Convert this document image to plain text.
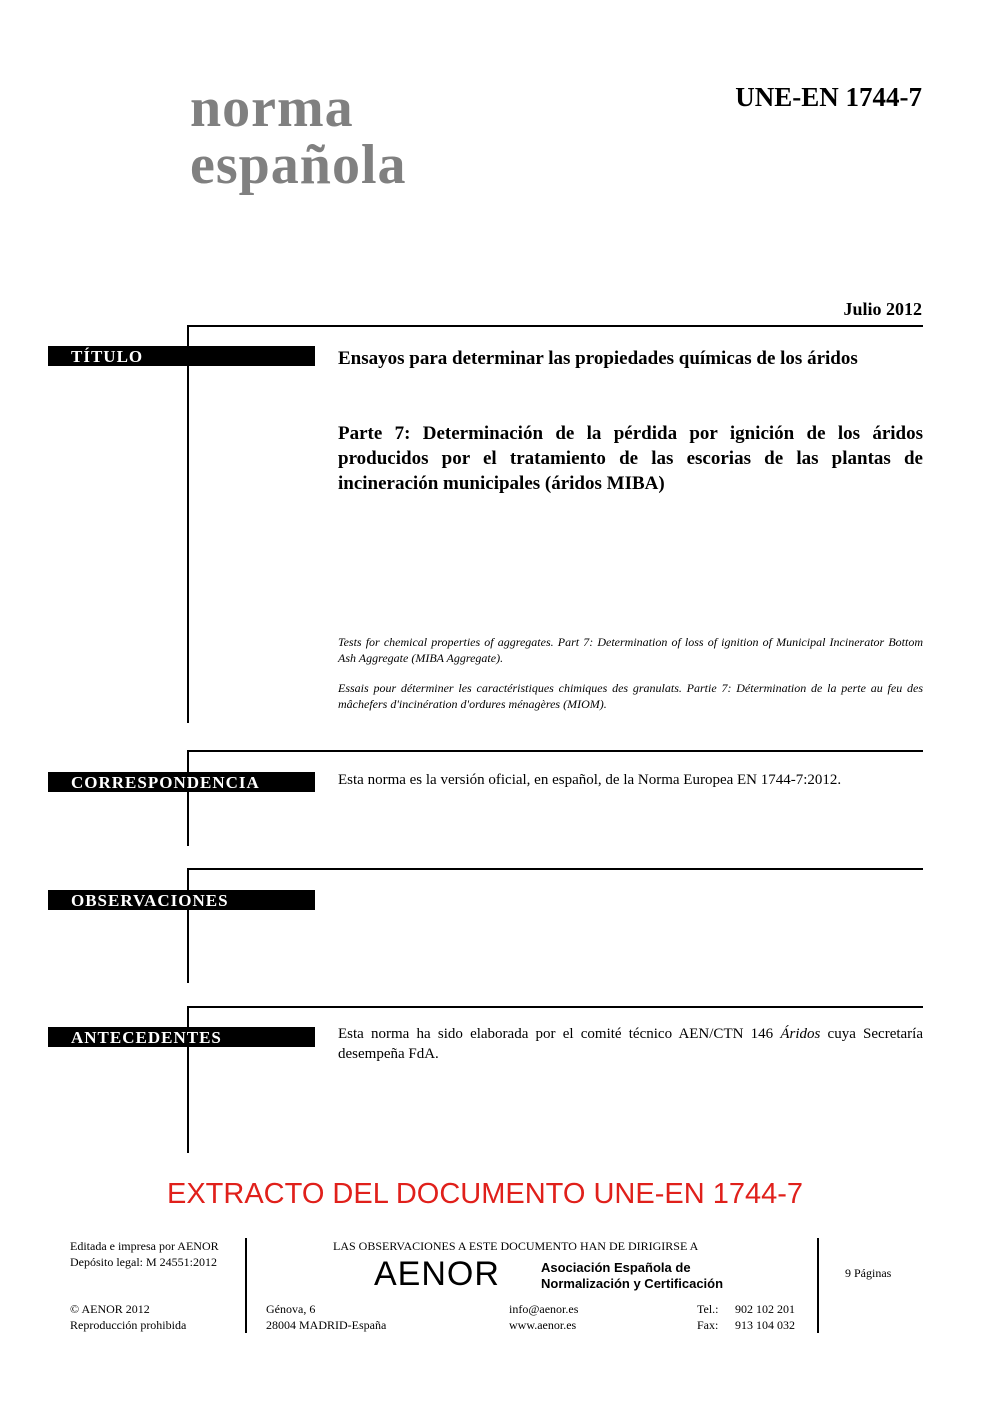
norma
española
UNE-EN 1744-7
Julio 2012
TÍTULO	Ensayos para determinar las propiedades químicas de los áridos
Parte 7: Determinación de la pérdida por ignición de los áridos producidos por el tratamiento de las escorias de las plantas de incineración municipales (áridos MIBA)
Tests for chemical properties of aggregates. Part 7: Determination of loss of ignition of Municipal Incinerator Bottom Ash Aggregate (MIBA Aggregate).
Essais pour déterminer les caractéristiques chimiques des granulats. Partie 7: Détermination de la perte au feu des mâchefers d'incinération d'ordures ménagères (MIOM).
CORRESPONDENCIA	Esta norma es la versión oficial, en español, de la Norma Europea EN 1744-7:2012.
OBSERVACIONES
ANTECEDENTES	Esta norma ha sido elaborada por el comité técnico AEN/CTN 146 Áridos cuya Secretaría desempeña FdA.
EXTRACTO DEL DOCUMENTO UNE-EN 1744-7
Editada e impresa por AENOR
Depósito legal: M 24551:2012
© AENOR 2012
Reproducción prohibida
LAS OBSERVACIONES A ESTE DOCUMENTO HAN DE DIRIGIRSE A
AENOR	Asociación Española de
Normalización y Certificación
Génova, 6
28004 MADRID-España
info@aenor.es
www.aenor.es
Tel.:
Fax:
902 102 201
913 104 032
9 Páginas
